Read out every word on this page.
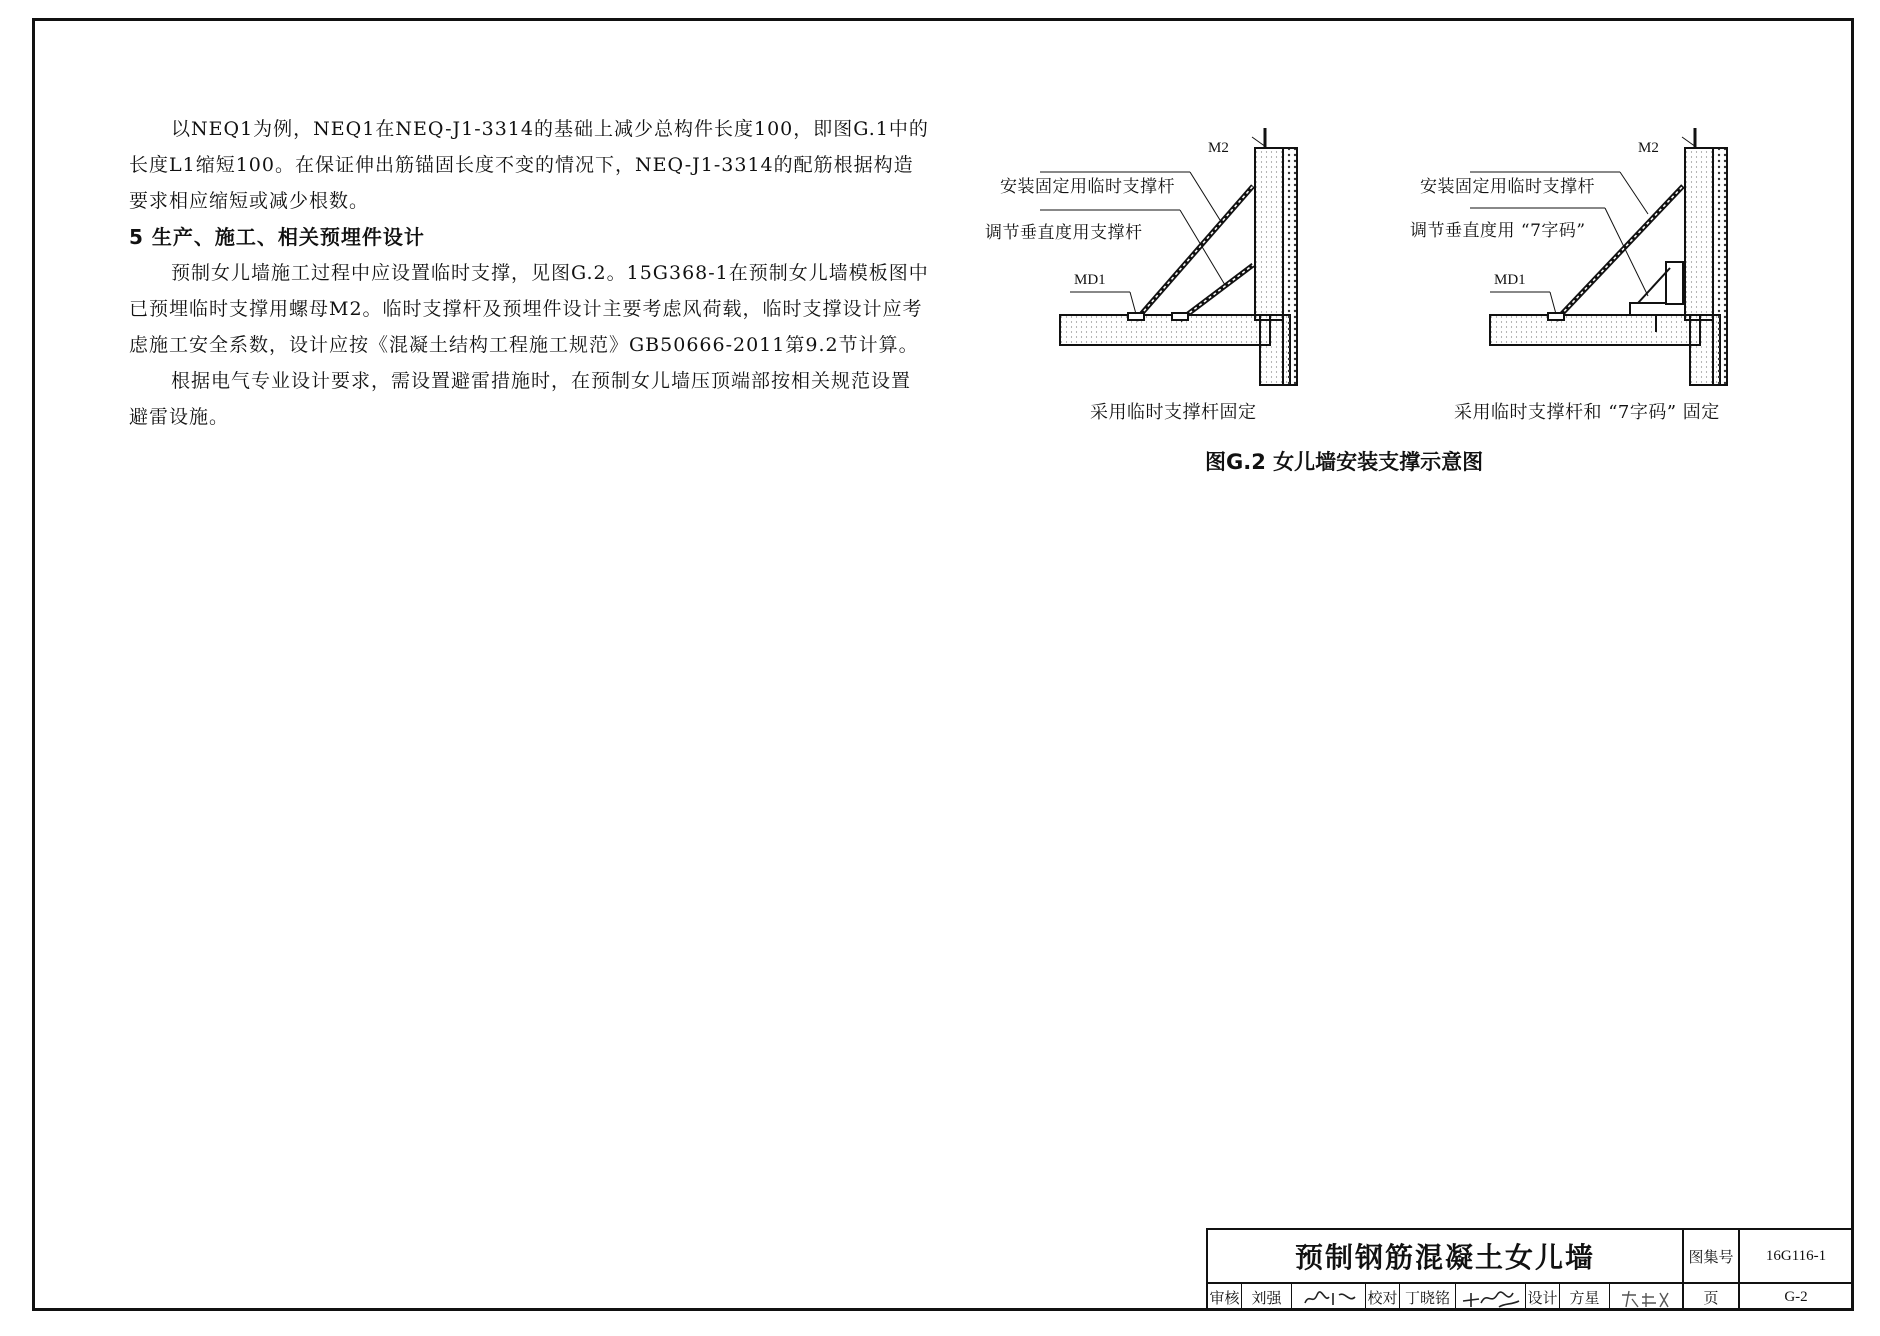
以NEQ1为例，NEQ1在NEQ-J1-3314的基础上减少总构件长度100，即图G.1中的长度L1缩短100。在保证伸出筋锚固长度不变的情况下，NEQ-J1-3314的配筋根据构造要求相应缩短或减少根数。

5 生产、施工、相关预埋件设计

预制女儿墙施工过程中应设置临时支撑，见图G.2。15G368-1在预制女儿墙模板图中已预埋临时支撑用螺母M2。临时支撑杆及预埋件设计主要考虑风荷载，临时支撑设计应考虑施工安全系数，设计应按《混凝土结构工程施工规范》GB50666-2011第9.2节计算。

根据电气专业设计要求，需设置避雷措施时，在预制女儿墙压顶端部按相关规范设置避雷设施。

M2
安装固定用临时支撑杆
调节垂直度用支撑杆
MD1
采用临时支撑杆固定
M2
安装固定用临时支撑杆
调节垂直度用 “7字码”
MD1
采用临时支撑杆和 “7字码” 固定
图G.2 女儿墙安装支撑示意图
预制钢筋混凝土女儿墙	图集号	16G116-1
审核 刘强	校对 丁晓铭	设计 方星	页	G-2
